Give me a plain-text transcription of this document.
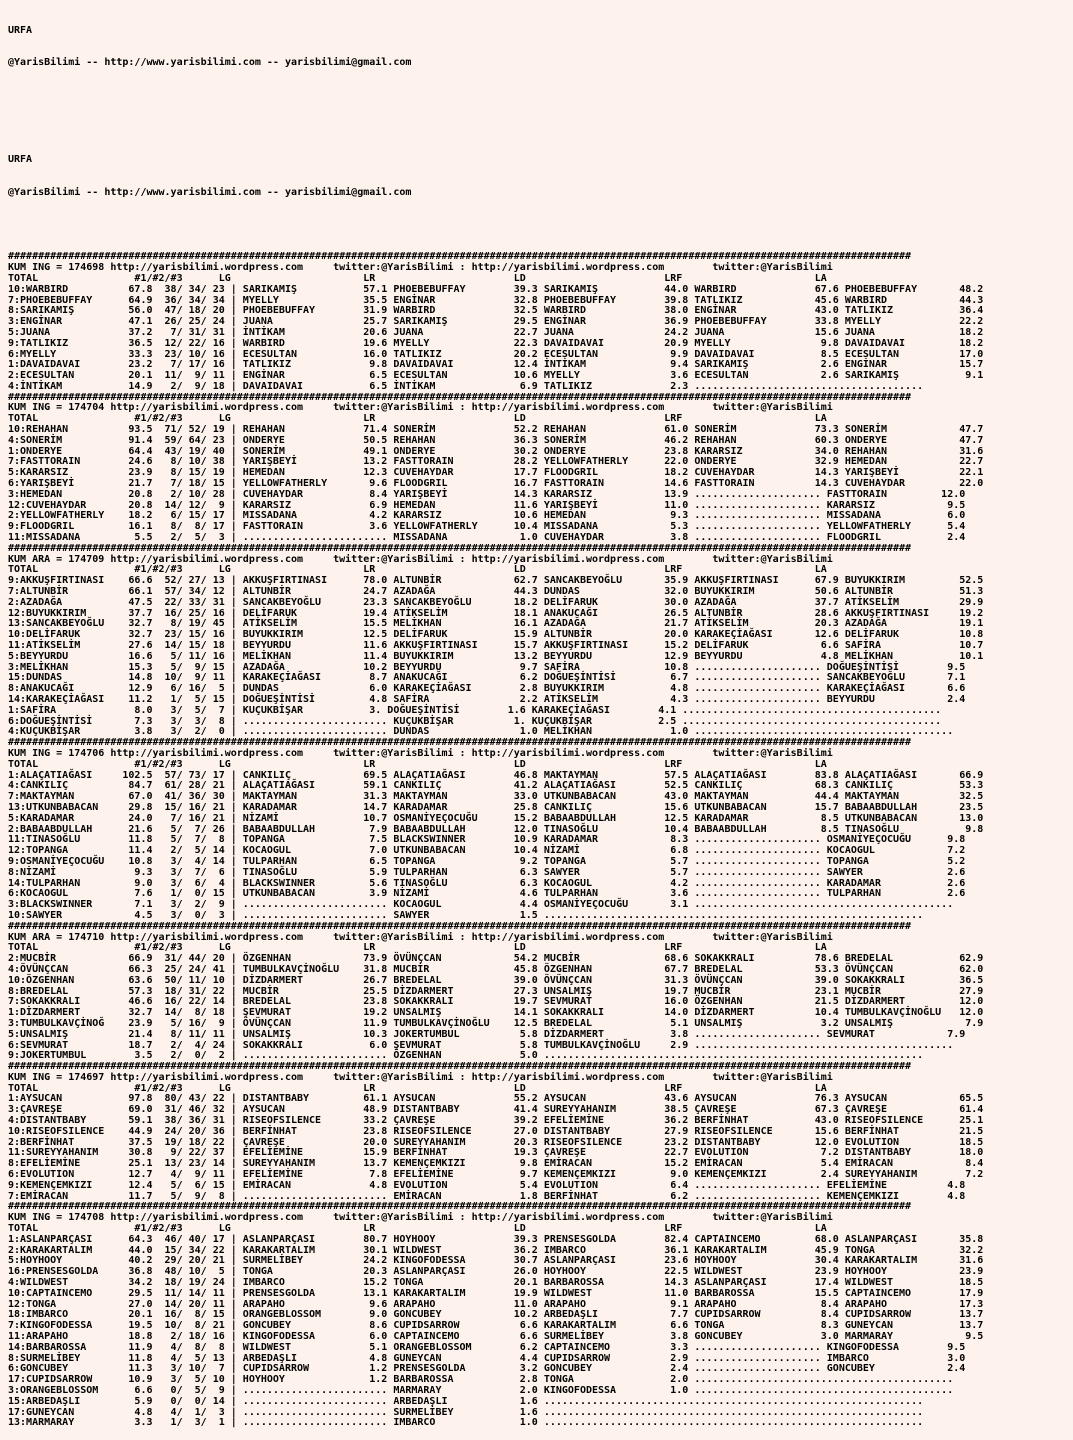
URFA

@YarisBilimi -- http://www.yarisbilimi.com -- yarisbilimi@gmail.com

URFA

@YarisBilimi -- http://www.yarisbilimi.com -- yarisbilimi@gmail.com

######################################################################################################################################################
KUM ING = 174698 http://yarisbilimi.wordpress.com     twitter:@YarisBilimi : http://yarisbilimi.wordpress.com        twitter:@YarisBilimi
TOTAL                #1/#2/#3      LG                      LR                       LD                       LRF                      LA
10:WARBIRD          67.8  38/ 34/ 23 | SARIKAMIŞ           57.1 PHOEBEBUFFAY        39.3 SARIKAMIŞ           44.0 WARBIRD             67.6 PHOEBEBUFFAY       48.2
7:PHOEBEBUFFAY      64.9  36/ 34/ 34 | MYELLY              35.5 ENGİNAR             32.8 PHOEBEBUFFAY        39.8 TATLIKIZ            45.6 WARBIRD            44.3
8:SARIKAMIŞ         56.0  47/ 18/ 20 | PHOEBEBUFFAY        31.9 WARBIRD             32.5 WARBIRD             38.0 ENGİNAR             43.0 TATLIKIZ           36.4
3:ENGİNAR           47.1  26/ 25/ 24 | JUANA               25.7 SARIKAMIŞ           29.5 ENGİNAR             36.9 PHOEBEBUFFAY        33.8 MYELLY             22.2
5:JUANA             37.2   7/ 31/ 31 | İNTİKAM             20.6 JUANA               22.7 JUANA               24.2 JUANA               15.6 JUANA              18.2
9:TATLIKIZ          36.5  12/ 22/ 16 | WARBIRD             19.6 MYELLY              22.3 DAVAIDAVAI          20.9 MYELLY               9.8 DAVAIDAVAI         18.2
6:MYELLY            33.3  23/ 10/ 16 | ECESULTAN           16.0 TATLIKIZ            20.2 ECESULTAN            9.9 DAVAIDAVAI           8.5 ECESULTAN          17.0
1:DAVAIDAVAI        23.2   7/ 17/ 16 | TATLIKIZ             9.8 DAVAIDAVAI          12.4 İNTİKAM              9.4 SARIKAMIŞ            2.6 ENGİNAR            15.7
2:ECESULTAN         20.1  11/  9/ 11 | ENGİNAR              6.5 ECESULTAN           10.6 MYELLY               3.6 ECESULTAN            2.6 SARIKAMIŞ           9.1
4:İNTİKAM           14.9   2/  9/ 18 | DAVAIDAVAI           6.5 İNTİKAM              6.9 TATLIKIZ             2.3 ......................................
######################################################################################################################################################
KUM ING = 174704 http://yarisbilimi.wordpress.com     twitter:@YarisBilimi : http://yarisbilimi.wordpress.com        twitter:@YarisBilimi
TOTAL                #1/#2/#3      LG                      LR                       LD                       LRF                      LA
10:REHAHAN          93.5  71/ 52/ 19 | REHAHAN             71.4 SONERİM             52.2 REHAHAN             61.0 SONERİM             73.3 SONERİM            47.7
4:SONERİM           91.4  59/ 64/ 23 | ONDERYE             50.5 REHAHAN             36.3 SONERİM             46.2 REHAHAN             60.3 ONDERYE            47.7
1:ONDERYE           64.4  43/ 19/ 40 | SONERİM             49.1 ONDERYE             30.2 ONDERYE             23.8 KARARSIZ            34.0 REHAHAN            31.6
7:FASTTORAIN        24.6   8/ 10/ 38 | YARIŞBEYİ           13.2 FASTTORAIN          28.2 YELLOWFATHERLY      22.0 ONDERYE             32.9 HEMEDAN            22.7
5:KARARSIZ          23.9   8/ 15/ 19 | HEMEDAN             12.3 CUVEHAYDAR          17.7 FLOODGRIL           18.2 CUVEHAYDAR          14.3 YARIŞBEYİ          22.1
6:YARIŞBEYİ         21.7   7/ 18/ 15 | YELLOWFATHERLY       9.6 FLOODGRIL           16.7 FASTTORAIN          14.6 FASTTORAIN          14.3 CUVEHAYDAR         22.0
3:HEMEDAN           20.8   2/ 10/ 28 | CUVEHAYDAR           8.4 YARIŞBEYİ           14.3 KARARSIZ            13.9 ..................... FASTTORAIN         12.0
12:CUVEHAYDAR       20.8  14/ 12/  9 | KARARSIZ             6.9 HEMEDAN             11.6 YARIŞBEYİ           11.0 ..................... KARARSIZ            9.5
2:YELLOWFATHERLY    18.2   6/ 15/ 17 | MISSADANA            4.2 KARARSIZ            10.6 HEMEDAN              9.3 ..................... MISSADANA           6.0
9:FLOODGRIL         16.1   8/  8/ 17 | FASTTORAIN           3.6 YELLOWFATHERLY      10.4 MISSADANA            5.3 ..................... YELLOWFATHERLY      5.4
11:MISSADANA         5.5   2/  5/  3 | ........................ MISSADANA            1.0 CUVEHAYDAR           3.8 ..................... FLOODGRIL           2.4
######################################################################################################################################################
KUM ARA = 174709 http://yarisbilimi.wordpress.com     twitter:@YarisBilimi : http://yarisbilimi.wordpress.com        twitter:@YarisBilimi
TOTAL                #1/#2/#3      LG                      LR                       LD                       LRF                      LA
9:AKKUŞFIRTINASI    66.6  52/ 27/ 13 | AKKUŞFIRTINASI      78.0 ALTUNBİR            62.7 SANCAKBEYOĞLU       35.9 AKKUŞFIRTINASI      67.9 BUYUKKIRIM         52.5
7:ALTUNBİR          66.1  57/ 34/ 12 | ALTUNBİR            24.7 AZADAĞA             44.3 DUNDAS              32.0 BUYUKKIRIM          50.6 ALTUNBİR           51.3
2:AZADAĞA           47.5  22/ 33/ 31 | SANCAKBEYOĞLU       23.3 SANCAKBEYOĞLU       18.2 DELİFARUK           30.0 AZADAĞA             37.7 ATİKSELİM          29.9
12:BUYUKKIRIM       37.7  16/ 25/ 16 | DELİFARUK           19.4 ATİKSELİM           18.1 ANAKUCAĞI           26.5 ALTUNBİR            28.6 AKKUŞFIRTINASI     19.2
13:SANCAKBEYOĞLU    32.7   8/ 19/ 45 | ATİKSELİM           15.5 MELİKHAN            16.1 AZADAĞA             21.7 ATİKSELİM           20.3 AZADAĞA            19.1
10:DELİFARUK        32.7  23/ 15/ 16 | BUYUKKIRIM          12.5 DELİFARUK           15.9 ALTUNBİR            20.0 KARAKEÇİAĞASI       12.6 DELİFARUK          10.8
11:ATİKSELİM        27.6  14/ 15/ 18 | BEYYURDU            11.6 AKKUŞFIRTINASI      15.7 AKKUŞFIRTINASI      15.2 DELİFARUK            6.6 SAFİRA             10.7
5:BEYYURDU          16.6   5/ 11/ 16 | MELİKHAN            11.4 BUYUKKIRIM          13.2 BEYYURDU            12.9 BEYYURDU             4.8 MELİKHAN           10.1
3:MELİKHAN          15.3   5/  9/ 15 | AZADAĞA             10.2 BEYYURDU             9.7 SAFİRA              10.8 ..................... DOĞUEŞİNTİSİ        9.5
15:DUNDAS           14.8  10/  9/ 11 | KARAKEÇİAĞASI        8.7 ANAKUCAĞI            6.2 DOĞUEŞİNTİSİ         6.7 ..................... SANCAKBEYOĞLU       7.1
8:ANAKUCAĞI         12.9   6/ 16/  5 | DUNDAS               6.0 KARAKEÇİAĞASI        2.8 BUYUKKIRIM           4.8 ..................... KARAKEÇİAĞASI       6.6
14:KARAKEÇİAĞASI    11.2   1/  5/ 15 | DOĞUEŞİNTİSİ         4.8 SAFİRA               2.2 ATİKSELİM            4.3 ..................... BEYYURDU            2.4
1:SAFİRA             8.0   3/  5/  7 | KUÇUKBİŞAR           3. DOĞUEŞİNTİSİ        1.6 KARAKEÇİAĞASI        4.1 ...........................................
6:DOĞUEŞİNTİSİ       7.3   3/  3/  8 | ........................ KUÇUKBİŞAR          1. KUÇUKBİŞAR           2.5 ...........................................
4:KUÇUKBİŞAR         3.8   3/  2/  0 | ........................ DUNDAS               1.0 MELİKHAN             1.0 ...........................................
######################################################################################################################################################
KUM ING = 174706 http://yarisbilimi.wordpress.com     twitter:@YarisBilimi : http://yarisbilimi.wordpress.com        twitter:@YarisBilimi
TOTAL                #1/#2/#3      LG                      LR                       LD                       LRF                      LA
1:ALAÇATIAĞASI     102.5  57/ 73/ 17 | CANKILIÇ            69.5 ALAÇATIAĞASI        46.8 MAKTAYMAN           57.5 ALAÇATIAĞASI        83.8 ALAÇATIAĞASI       66.9
4:CANKILIÇ          84.7  61/ 28/ 21 | ALAÇATIAĞASI        59.1 CANKILIÇ            41.2 ALAÇATIAĞASI        52.5 CANKILIÇ            68.3 CANKILIÇ           53.3
7:MAKTAYMAN         67.0  41/ 36/ 30 | MAKTAYMAN           31.3 MAKTAYMAN           33.0 UTKUNBABACAN        43.0 MAKTAYMAN           44.4 MAKTAYMAN          32.5
13:UTKUNBABACAN     29.8  15/ 16/ 21 | KARADAMAR           14.7 KARADAMAR           25.8 CANKILIÇ            15.6 UTKUNBABACAN        15.7 BABAABDULLAH       23.5
5:KARADAMAR         24.0   7/ 16/ 21 | NİZAMİ              10.7 OSMANİYEÇOCUĞU      15.2 BABAABDULLAH        12.5 KARADAMAR            8.5 UTKUNBABACAN       13.0
2:BABAABDULLAH      21.6   5/  7/ 26 | BABAABDULLAH         7.9 BABAABDULLAH        12.0 TINASOĞLU           10.4 BABAABDULLAH         8.5 TINASOĞLU           9.8
11:TINASOĞLU        11.8   5/  7/  8 | TOPANGA              7.5 BLACKSWINNER        10.9 KARADAMAR            8.3 ..................... OSMANİYEÇOCUĞU      9.8
12:TOPANGA          11.4   2/  5/ 14 | KOCAOGUL             7.0 UTKUNBABACAN        10.4 NİZAMİ               6.8 ..................... KOCAOGUL            7.2
9:OSMANİYEÇOCUĞU    10.8   3/  4/ 14 | TULPARHAN            6.5 TOPANGA              9.2 TOPANGA              5.7 ..................... TOPANGA             5.2
8:NİZAMİ             9.3   3/  7/  6 | TINASOĞLU            5.9 TULPARHAN            6.3 SAWYER               5.7 ..................... SAWYER              2.6
14:TULPARHAN         9.0   3/  6/  4 | BLACKSWINNER         5.6 TINASOĞLU            6.3 KOCAOGUL             4.2 ..................... KARADAMAR           2.6
6:KOCAOGUL           7.6   1/  0/ 15 | UTKUNBABACAN         3.9 NİZAMİ               4.6 TULPARHAN            3.6 ..................... TULPARHAN           2.6
3:BLACKSWINNER       7.1   3/  2/  9 | ........................ KOCAOGUL             4.4 OSMANİYEÇOCUĞU       3.1 ...........................................
10:SAWYER            4.5   3/  0/  3 | ........................ SAWYER               1.5 ...............................................................
######################################################################################################################################################
KUM ARA = 174710 http://yarisbilimi.wordpress.com     twitter:@YarisBilimi : http://yarisbilimi.wordpress.com        twitter:@YarisBilimi
TOTAL                #1/#2/#3      LG                      LR                       LD                       LRF                      LA
2:MUCBİR            66.9  31/ 44/ 20 | ÖZGENHAN            73.9 ÖVÜNÇCAN            54.2 MUCBİR              68.6 SOKAKKRALI          78.6 BREDELAL           62.9
4:ÖVÜNÇCAN          66.3  25/ 24/ 41 | TUMBULKAVÇİNOĞLU    31.8 MUCBİR              45.8 ÖZGENHAN            67.7 BREDELAL            53.3 ÖVÜNÇCAN           62.0
10:ÖZGENHAN         63.6  50/ 11/ 10 | DİZDARMERT          26.7 BREDELAL            39.0 ÖVÜNÇCAN            31.3 ÖVÜNÇCAN            39.0 SOKAKKRALI         36.5
8:BREDELAL          57.3  18/ 31/ 22 | MUCBİR              25.5 DİZDARMERT          27.3 UNSALMIŞ            19.7 MUCBİR              23.1 MUCBİR             27.9
7:SOKAKKRALI        46.6  16/ 22/ 14 | BREDELAL            23.8 SOKAKKRALI          19.7 SEVMURAT            16.0 ÖZGENHAN            21.5 DİZDARMERT         12.0
1:DİZDARMERT        32.7  14/  8/ 18 | ŞEVMURAT            19.2 UNSALMIŞ            14.1 SOKAKKRALI          14.0 DİZDARMERT          10.4 TUMBULKAVÇİNOĞLU   12.0
3:TUMBULKAVÇİNOĞ    23.9   5/ 16/  9 | ÖVÜNÇCAN            11.9 TUMBULKAVÇİNOĞLU    12.5 BREDELAL             5.1 UNSALMIŞ             3.2 UNSALMIŞ            7.9
5:UNSALMIŞ          21.4   8/ 11/ 11 | UNSALMIŞ            10.3 JOKERTUMBUL          5.8 DİZDARMERT           3.8 ..................... SEVMURAT            7.9
6:SEVMURAT          18.7   2/  4/ 24 | SOKAKKRALI           6.0 ŞEVMURAT             5.8 TUMBULKAVÇİNOĞLU     2.9 ...........................................
9:JOKERTUMBUL        3.5   2/  0/  2 | ........................ ÖZGENHAN             5.0 ...............................................................
######################################################################################################################################################
KUM ING = 174697 http://yarisbilimi.wordpress.com     twitter:@YarisBilimi : http://yarisbilimi.wordpress.com        twitter:@YarisBilimi
TOTAL                #1/#2/#3      LG                      LR                       LD                       LRF                      LA
1:AYSUCAN           97.8  80/ 43/ 22 | DISTANTBABY         61.1 AYSUCAN             55.2 AYSUCAN             43.6 AYSUCAN             76.3 AYSUCAN            65.5
3:ÇAVREŞE           69.0  31/ 46/ 32 | AYSUCAN             48.9 DISTANTBABY         41.4 SUREYYAHANIM        38.5 ÇAVREŞE             67.3 ÇAVREŞE            61.4
4:DISTANTBABY       59.1  38/ 36/ 31 | RISEOFSILENCE       33.2 ÇAVREŞE             39.2 EFELİEMİNE          36.2 BERFİNHAT           43.0 RISEOFSILENCE      25.1
10:RISEOFSILENCE    44.9  24/ 20/ 36 | BERFİNHAT           23.8 RISEOFSILENCE       27.0 DISTANTBABY         27.9 RISEOFSILENCE       15.6 BERFİNHAT          21.5
2:BERFİNHAT         37.5  19/ 18/ 22 | ÇAVREŞE             20.0 SUREYYAHANIM        20.3 RISEOFSILENCE       23.2 DISTANTBABY         12.0 EVOLUTION          18.5
11:SUREYYAHANIM     30.8   9/ 22/ 37 | EFELİEMİNE          15.9 BERFİNHAT           19.3 ÇAVREŞE             22.7 EVOLUTION            7.2 DISTANTBABY        18.0
8:EFELİEMİNE        25.1  13/ 23/ 14 | SUREYYAHANIM        13.7 KEMENÇEMKIZI         9.8 EMİRACAN            15.2 EMİRACAN             5.4 EMİRACAN            8.4
6:EVOLUTION         12.7   4/  9/ 11 | EFELİEMİNE           7.8 EFELİEMİNE           9.7 KEMENÇEMKIZI         9.0 KEMENÇEMKIZI         2.4 SUREYYAHANIM        7.2
9:KEMENÇEMKIZI      12.4   5/  6/ 15 | EMİRACAN             4.8 EVOLUTION            5.4 EVOLUTION            6.4 ..................... EFELİEMİNE          4.8
7:EMİRACAN          11.7   5/  9/  8 | ........................ EMİRACAN             1.8 BERFİNHAT            6.2 ..................... KEMENÇEMKIZI        4.8
######################################################################################################################################################
KUM ING = 174708 http://yarisbilimi.wordpress.com     twitter:@YarisBilimi : http://yarisbilimi.wordpress.com        twitter:@YarisBilimi
TOTAL                #1/#2/#3      LG                      LR                       LD                       LRF                      LA
1:ASLANPARÇASI      64.3  46/ 40/ 17 | ASLANPARÇASI        80.7 HOYHOOY             39.3 PRENSESGOLDA        82.4 CAPTAINCEMO         68.0 ASLANPARÇASI       35.8
2:KARAKARTALIM      44.0  15/ 34/ 22 | KARAKARTALIM        30.1 WILDWEST            36.2 IMBARCO             36.1 KARAKARTALIM        45.9 TONGA              32.2
5:HOYHOOY           40.2  29/ 20/ 21 | SURMELİBEY          24.2 KINGOFODESSA        30.7 ASLANPARÇASI        23.6 HOYHOOY             30.4 KARAKARTALIM       31.6
16:PRENSESGOLDA     36.8  48/ 10/  5 | TONGA               20.3 ASLANPARÇASI        26.0 HOYHOOY             22.5 WILDWEST            23.9 HOYHOOY            23.9
4:WILDWEST          34.2  18/ 19/ 24 | IMBARCO             15.2 TONGA               20.1 BARBAROSSA          14.3 ASLANPARÇASI        17.4 WILDWEST           18.5
10:CAPTAINCEMO      29.5  11/ 14/ 11 | PRENSESGOLDA        13.1 KARAKARTALIM        19.9 WILDWEST            11.0 BARBAROSSA          15.5 CAPTAINCEMO        17.9
12:TONGA            27.0  14/ 20/ 11 | ARAPAHO              9.6 ARAPAHO             11.0 ARAPAHO              9.1 ARAPAHO              8.4 ARAPAHO            17.3
18:IMBARCO          20.1  16/  8/ 15 | ORANGEBLOSSOM        9.0 GONCUBEY            10.2 ARBEDAŞLI            7.7 CUPIDSARROW          8.4 CUPIDSARROW        13.7
7:KINGOFODESSA      19.5  10/  8/ 21 | GONCUBEY             8.6 CUPIDSARROW          6.6 KARAKARTALIM         6.6 TONGA                8.3 GUNEYCAN           13.7
11:ARAPAHO          18.8   2/ 18/ 16 | KINGOFODESSA         6.0 CAPTAINCEMO          6.6 SURMELİBEY           3.8 GONCUBEY             3.0 MARMARAY            9.5
14:BARBAROSSA       11.9   4/  8/  8 | WILDWEST             5.1 ORANGEBLOSSOM        6.2 CAPTAINCEMO          3.3 ..................... KINGOFODESSA        9.5
8:SURMELİBEY        11.8   4/  5/ 13 | ARBEDAŞLI            4.8 GUNEYCAN             4.4 CUPIDSARROW          2.9 ..................... IMBARCO             3.0
6:GONCUBEY          11.3   3/ 10/  7 | CUPIDSARROW          1.2 PRENSESGOLDA         3.2 GONCUBEY             2.4 ..................... GONCUBEY            2.4
17:CUPIDSARROW      10.9   3/  5/ 10 | HOYHOOY              1.2 BARBAROSSA           2.8 TONGA                2.0 ...........................................
3:ORANGEBLOSSOM      6.6   0/  5/  9 | ........................ MARMARAY             2.0 KINGOFODESSA         1.0 ...........................................
15:ARBEDAŞLI         5.9   0/  0/ 14 | ........................ ARBEDAŞLI            1.6 ...............................................................
17:GUNEYCAN          4.8   4/  1/  3 | ........................ SURMELİBEY           1.6 ...............................................................
13:MARMARAY          3.3   1/  3/  1 | ........................ IMBARCO              1.0 ...............................................................
